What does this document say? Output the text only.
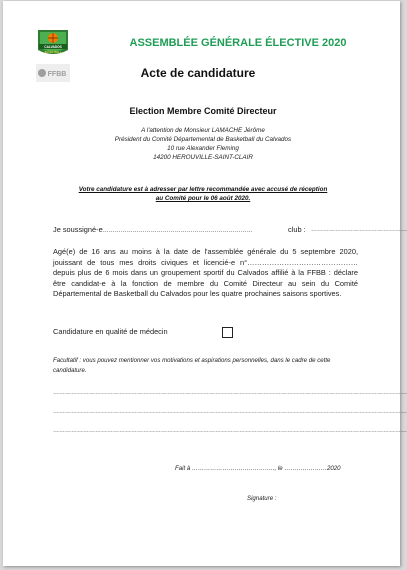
CALVADOS
BASKETBALL
FFBB
ASSEMBLÉE GÉNÉRALE ÉLECTIVE 2020
Acte de candidature
Election Membre Comité Directeur
A l'attention de Monsieur LAMACHE Jérôme
Président du Comité Départemental de Basketball du Calvados
10 rue Alexander Fleming
14200 HEROUVILLE-SAINT-CLAIR
Votre candidature est à adresser par lettre recommandée avec accusé de réception
au Comité pour le 06 août 2020.
Je soussigné-e…………………………………………………………………	club : …………………………………………
Agé(e) de 16 ans au moins à la date de l'assemblée générale du 5 septembre 2020, jouissant de tous mes droits civiques et licencié-e n°……………………………………… depuis plus de 6 mois dans un groupement sportif du Calvados affilié à la FFBB : déclare être candidat-e à la fonction de membre du Comité Directeur au sein du Comité Départemental de Basketball du Calvados pour les quatre prochaines saisons sportives.
Candidature en qualité de médecin
Facultatif : vous pouvez mentionner vos motivations et aspirations personnelles, dans le cadre de cette candidature.
……………………………………………………………………………………………………………………………………………………………
……………………………………………………………………………………………………………………………………………………………
……………………………………………………………………………………………………………………………………………………………
Fait à ………………………………….., le …………………2020
Signature :
